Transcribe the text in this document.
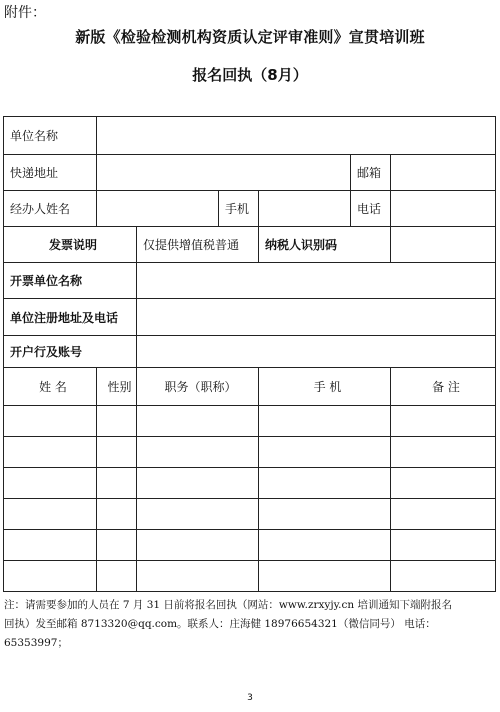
附件：
新版《检验检测机构资质认定评审准则》宣贯培训班
报名回执（8月）
单位名称						
快递地址					邮箱	
经办人姓名			手机		电话	
发票说明		仅提供增值税普通		纳税人识别码		
开票单位名称						
单位注册地址及电话						
开户行及账号						
姓 名	性别	职务（职称）		手 机		备 注

注：请需要参加的人员在 7 月 31 日前将报名回执（网站：www.zrxyjy.cn 培训通知下端附报名
回执）发至邮箱 8713320@qq.com。联系人：庄海健 18976654321（微信同号） 电话：65353997；
3
